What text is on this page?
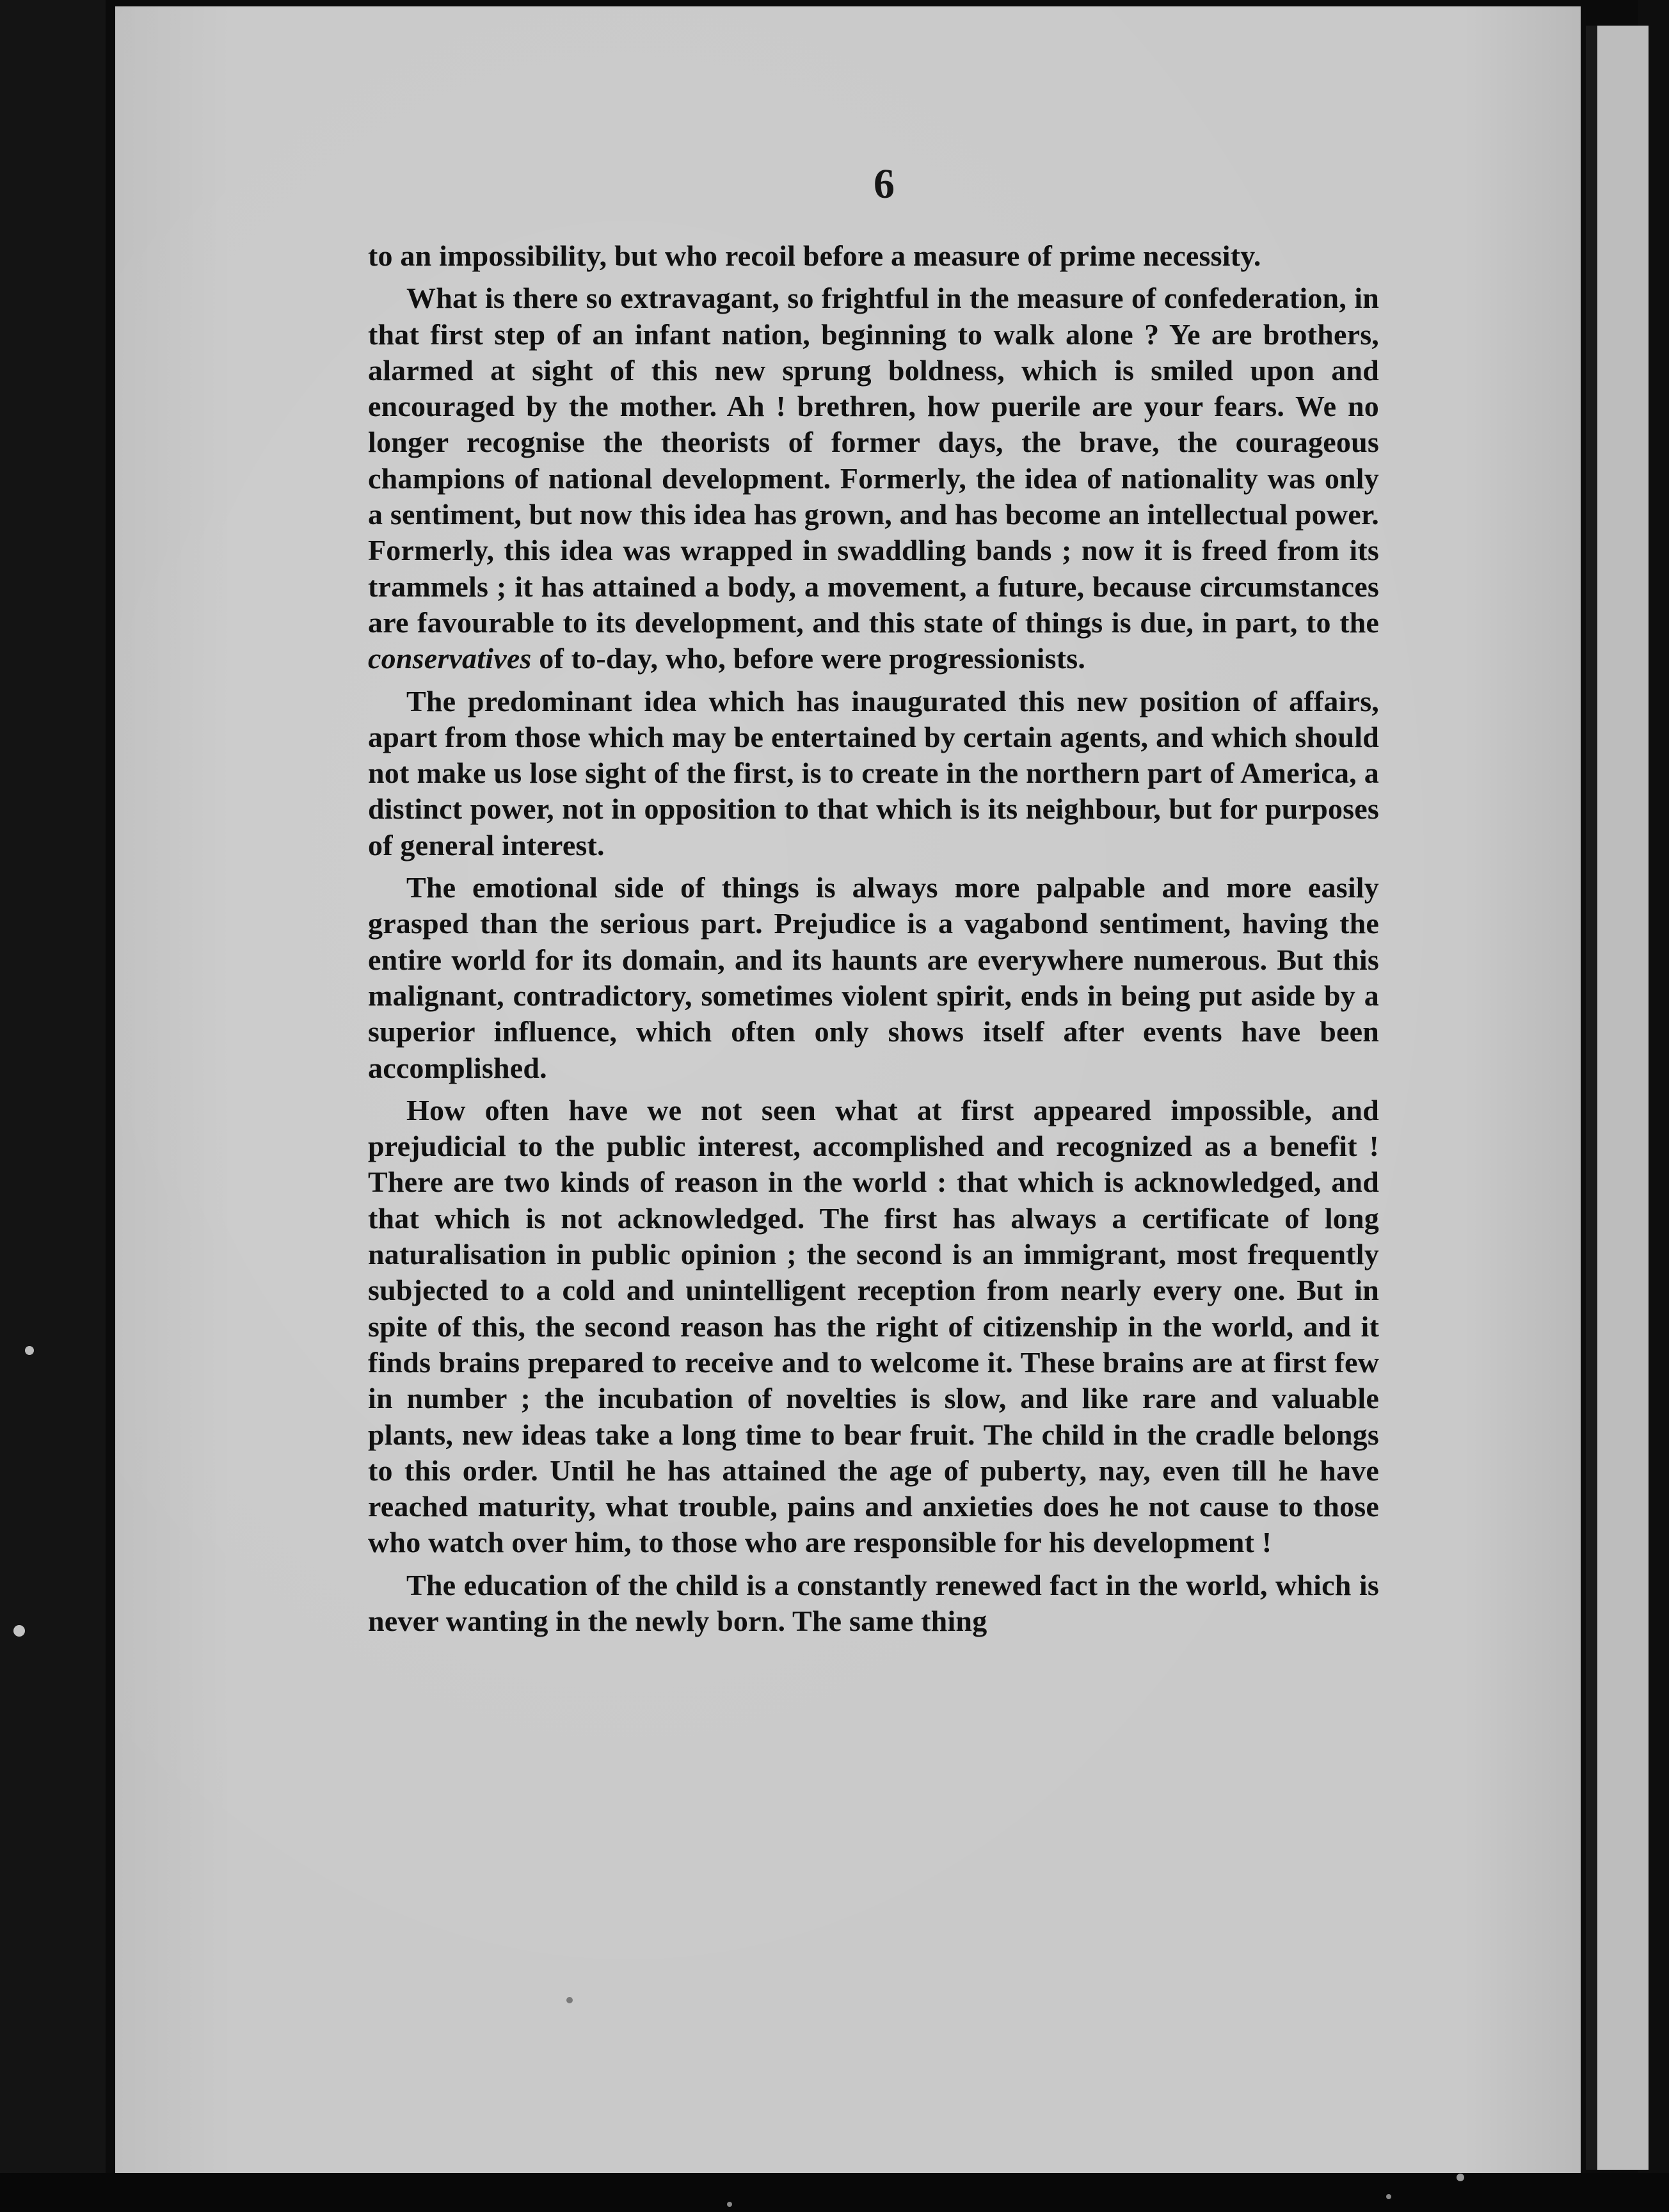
6

to an impossibility, but who recoil before a measure of prime necessity.

What is there so extravagant, so frightful in the measure of confederation, in that first step of an infant nation, beginning to walk alone ? Ye are brothers, alarmed at sight of this new sprung boldness, which is smiled upon and encouraged by the mother. Ah ! brethren, how puerile are your fears. We no longer recognise the theorists of former days, the brave, the courageous champions of national development. Formerly, the idea of nationality was only a sentiment, but now this idea has grown, and has become an intellectual power. Formerly, this idea was wrapped in swaddling bands ; now it is freed from its trammels ; it has attained a body, a movement, a future, because circumstances are favourable to its development, and this state of things is due, in part, to the conservatives of to-day, who, before were progressionists.

The predominant idea which has inaugurated this new position of affairs, apart from those which may be entertained by certain agents, and which should not make us lose sight of the first, is to create in the northern part of America, a distinct power, not in opposition to that which is its neighbour, but for purposes of general interest.

The emotional side of things is always more palpable and more easily grasped than the serious part. Prejudice is a vagabond sentiment, having the entire world for its domain, and its haunts are everywhere numerous. But this malignant, contradictory, sometimes violent spirit, ends in being put aside by a superior influence, which often only shows itself after events have been accomplished.

How often have we not seen what at first appeared impossible, and prejudicial to the public interest, accomplished and recognized as a benefit ! There are two kinds of reason in the world : that which is acknowledged, and that which is not acknowledged. The first has always a certificate of long naturalisation in public opinion ; the second is an immigrant, most frequently subjected to a cold and unintelligent reception from nearly every one. But in spite of this, the second reason has the right of citizenship in the world, and it finds brains prepared to receive and to welcome it. These brains are at first few in number ; the incubation of novelties is slow, and like rare and valuable plants, new ideas take a long time to bear fruit. The child in the cradle belongs to this order. Until he has attained the age of puberty, nay, even till he have reached maturity, what trouble, pains and anxieties does he not cause to those who watch over him, to those who are responsible for his development !

The education of the child is a constantly renewed fact in the world, which is never wanting in the newly born. The same thing
